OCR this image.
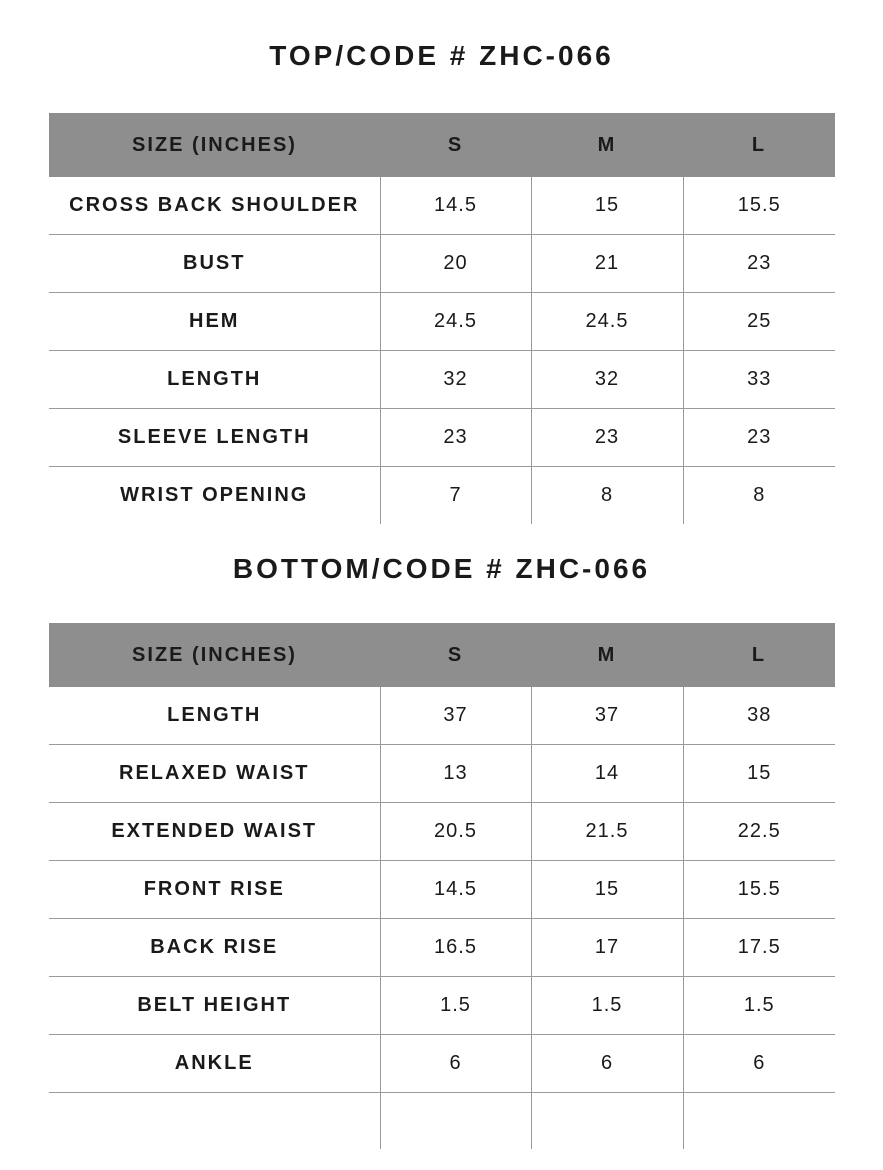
TOP/CODE # ZHC-066
SIZE (INCHES)	S	M	L
CROSS BACK SHOULDER	14.5	15	15.5
BUST	20	21	23
HEM	24.5	24.5	25
LENGTH	32	32	33
SLEEVE LENGTH	23	23	23
WRIST OPENING	7	8	8
BOTTOM/CODE # ZHC-066
SIZE (INCHES)	S	M	L
LENGTH	37	37	38
RELAXED WAIST	13	14	15
EXTENDED WAIST	20.5	21.5	22.5
FRONT RISE	14.5	15	15.5
BACK RISE	16.5	17	17.5
BELT HEIGHT	1.5	1.5	1.5
ANKLE	6	6	6
